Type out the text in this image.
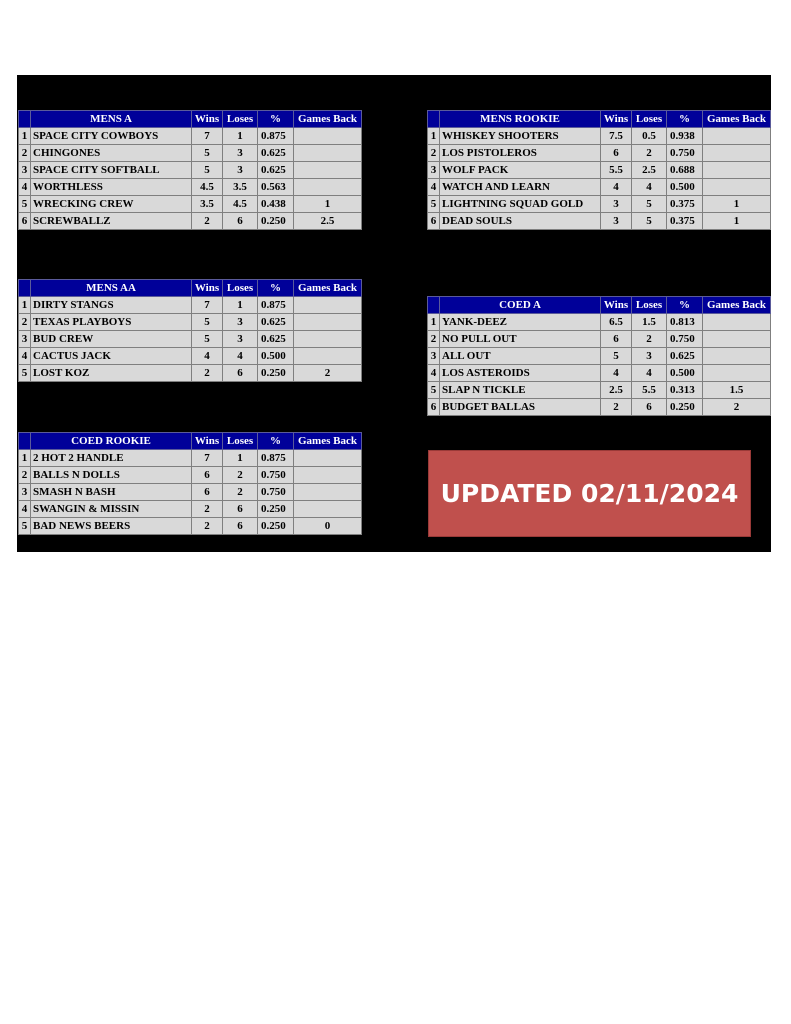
	MENS A	Wins	Loses	%	Games Back
1	SPACE CITY COWBOYS	7	1	0.875	
2	CHINGONES	5	3	0.625	
3	SPACE CITY SOFTBALL	5	3	0.625	
4	WORTHLESS	4.5	3.5	0.563	
5	WRECKING CREW	3.5	4.5	0.438	1
6	SCREWBALLZ	2	6	0.250	2.5
	MENS ROOKIE	Wins	Loses	%	Games Back
1	WHISKEY SHOOTERS	7.5	0.5	0.938	
2	LOS PISTOLEROS	6	2	0.750	
3	WOLF PACK	5.5	2.5	0.688	
4	WATCH AND LEARN	4	4	0.500	
5	LIGHTNING SQUAD GOLD	3	5	0.375	1
6	DEAD SOULS	3	5	0.375	1
	MENS AA	Wins	Loses	%	Games Back
1	DIRTY STANGS	7	1	0.875	
2	TEXAS PLAYBOYS	5	3	0.625	
3	BUD CREW	5	3	0.625	
4	CACTUS JACK	4	4	0.500	
5	LOST KOZ	2	6	0.250	2
	COED A	Wins	Loses	%	Games Back
1	YANK-DEEZ	6.5	1.5	0.813	
2	NO PULL OUT	6	2	0.750	
3	ALL OUT	5	3	0.625	
4	LOS ASTEROIDS	4	4	0.500	
5	SLAP N TICKLE	2.5	5.5	0.313	1.5
6	BUDGET BALLAS	2	6	0.250	2
	COED ROOKIE	Wins	Loses	%	Games Back
1	2 HOT 2 HANDLE	7	1	0.875	
2	BALLS N DOLLS	6	2	0.750	
3	SMASH N BASH	6	2	0.750	
4	SWANGIN & MISSIN	2	6	0.250	
5	BAD NEWS BEERS	2	6	0.250	0
UPDATED 02/11/2024
